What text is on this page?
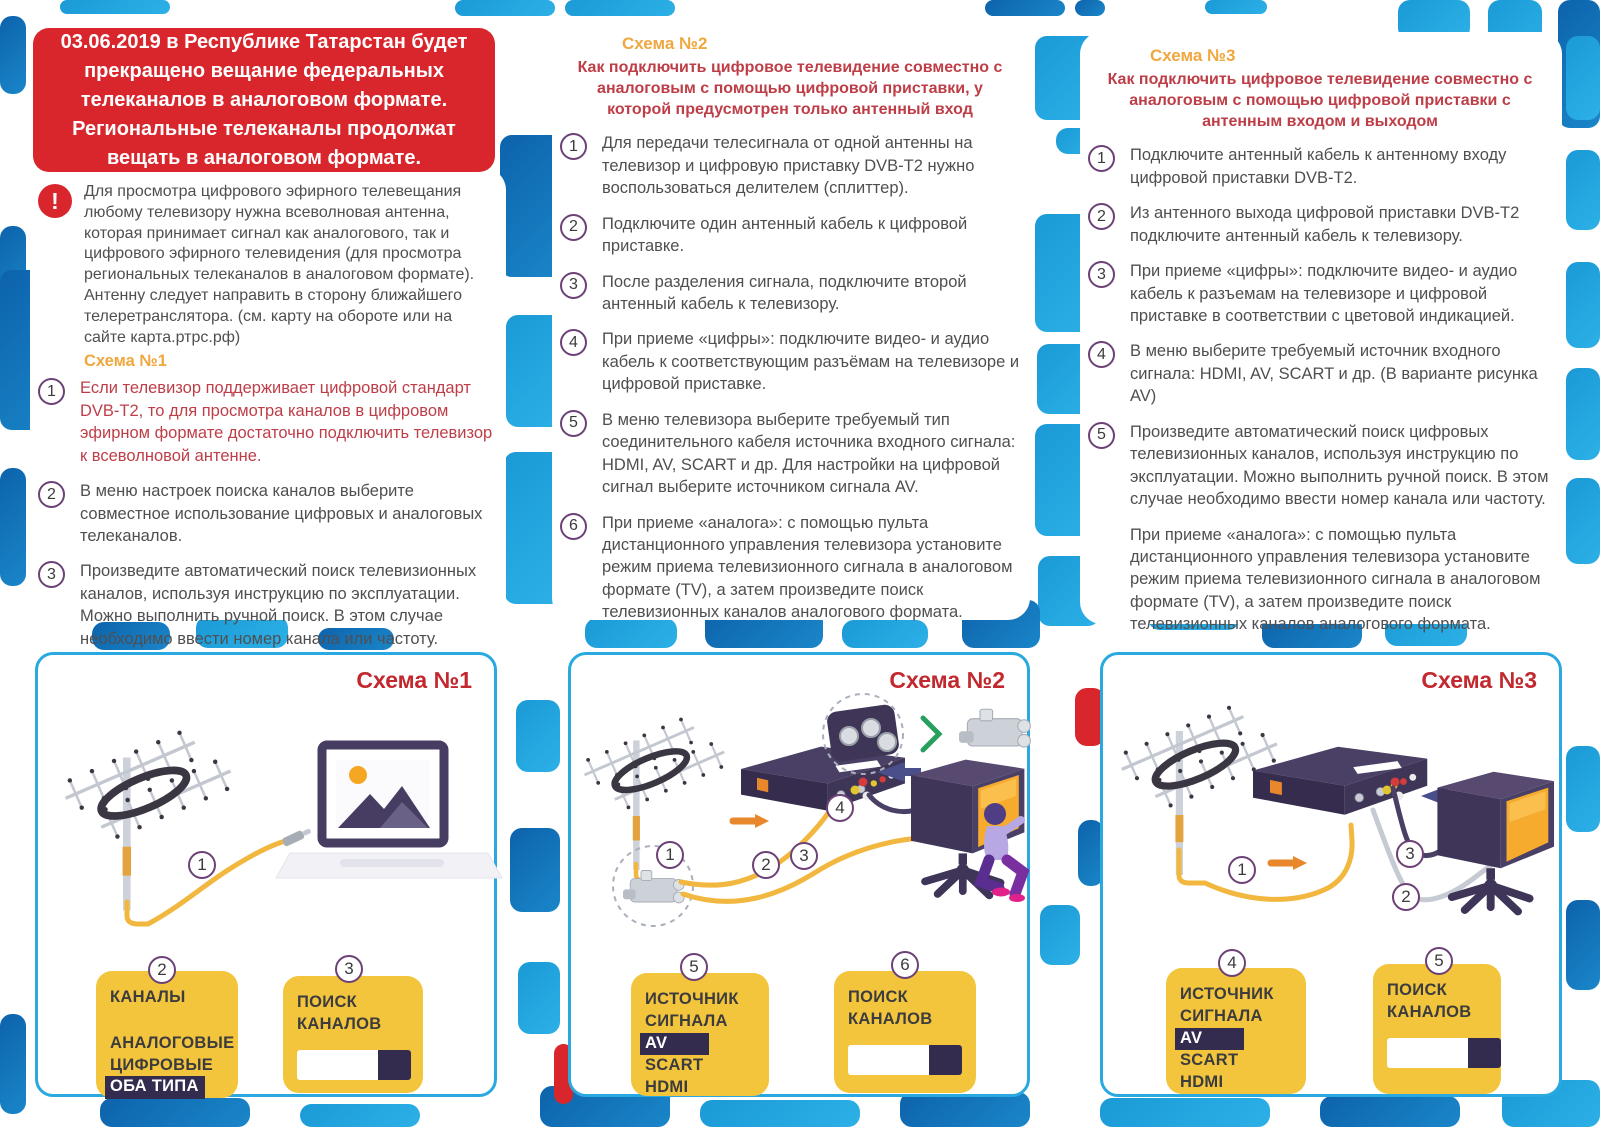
03.06.2019 в Республике Татарстан будет прекращено вещание федеральных телеканалов в аналоговом формате. Региональные телеканалы продолжат вещать в аналоговом формате.

! Для просмотра цифрового эфирного телевещания любому телевизору нужна всеволновая антенна, которая принимает сигнал как аналогового, так и цифрового эфирного телевидения (для просмотра региональных телеканалов в аналоговом формате). Антенну следует направить в сторону ближайшего телеретранслятора. (см. карту на обороте или на сайте карта.ртрс.рф)

Схема №1
1	Если телевизор поддерживает цифровой стандарт DVB-T2, то для просмотра каналов в цифровом эфирном формате достаточно подключить телевизор к всеволновой антенне.

2	В меню настроек поиска каналов выберите совместное использование цифровых и аналоговых телеканалов.

3	Произведите автоматический поиск телевизионных каналов, используя инструкцию по эксплуатации. Можно выполнить ручной поиск. В этом случае необходимо ввести номер канала или частоту.

Схема №2

Как подключить цифровое телевидение совместно с аналоговым с помощью цифровой приставки, у которой предусмотрен только антенный вход

1	Для передачи телесигнала от одной антенны на телевизор и цифровую приставку DVB-T2 нужно воспользоваться делителем (сплиттер).

2	Подключите один антенный кабель к цифровой приставке.

3	После разделения сигнала, подключите второй антенный кабель к телевизору.

4	При приеме «цифры»: подключите видео- и аудио кабель к соответствующим разъёмам на телевизоре и цифровой приставке.

5	В меню телевизора выберите требуемый тип соединительного кабеля источника входного сигнала: HDMI, AV, SCART и др. Для настройки на цифровой сигнал выберите источником сигнала AV.

6	При приеме «аналога»: с помощью пульта дистанционного управления телевизора установите режим приема телевизионного сигнала в аналоговом формате (TV), а затем произведите поиск телевизионных каналов аналогового формата.

Схема №3

Как подключить цифровое телевидение совместно с аналоговым с помощью цифровой приставки с антенным входом и выходом

1	Подключите антенный кабель к антенному входу цифровой приставки DVB-T2.

2	Из антенного выхода цифровой приставки DVB-T2 подключите антенный кабель к телевизору.

3	При приеме «цифры»: подключите видео- и аудио кабель к разъемам на телевизоре и цифровой приставке в соответствии с цветовой индикацией.

4	В меню выберите требуемый источник входного сигнала: HDMI, AV, SCART и др. (В варианте рисунка AV)

5	Произведите автоматический поиск цифровых телевизионных каналов, используя инструкцию по эксплуатации. Можно выполнить ручной поиск. В этом случае необходимо ввести номер канала или частоту.

При приеме «аналога»: с помощью пульта дистанционного управления телевизора установите режим приема телевизионного сигнала в аналоговом формате (TV), а затем произведите поиск телевизионных каналов аналогового формата.

Схема №1
1
КАНАЛЫ
АНАЛОГОВЫЕ
ЦИФРОВЫЕ
ОБА ТИПА
2
ПОИСК КАНАЛОВ
3
Схема №2
1
2	3
4
ИСТОЧНИК СИГНАЛА
AV
SCART
HDMI
5
ПОИСК КАНАЛОВ
6
Схема №3
1
2
3
ИСТОЧНИК СИГНАЛА
AV
SCART
HDMI
4
ПОИСК КАНАЛОВ
5
